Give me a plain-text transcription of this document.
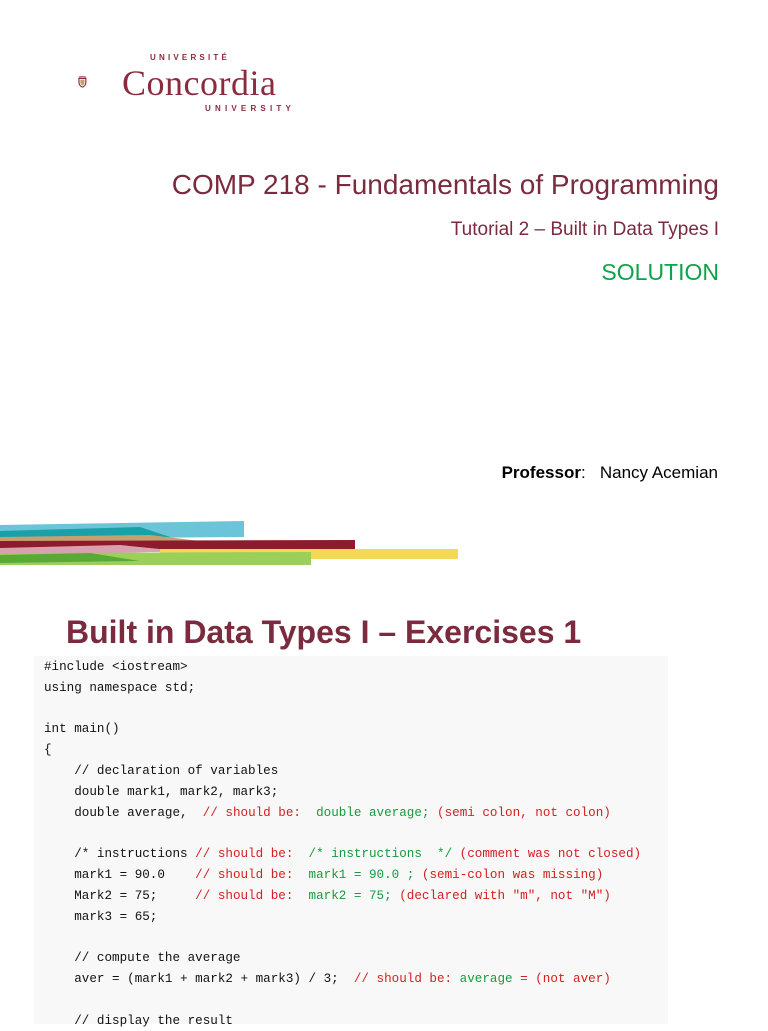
UNIVERSITÉ
Concordia
UNIVERSITY
COMP 218 - Fundamentals of Programming
Tutorial 2 – Built in Data Types I
SOLUTION
Professor:   Nancy Acemian
Built in Data Types I – Exercises 1
#include <iostream>
using namespace std;
int main()
{
// declaration of variables
double mark1, mark2, mark3;
double average,  // should be:  double average; (semi colon, not colon)
/* instructions // should be:  /* instructions  */ (comment was not closed)
mark1 = 90.0    // should be:  mark1 = 90.0 ; (semi-colon was missing)
Mark2 = 75;     // should be:  mark2 = 75; (declared with "m", not "M")
mark3 = 65;
// compute the average
aver = (mark1 + mark2 + mark3) / 3;  // should be: average = (not aver)
// display the result
